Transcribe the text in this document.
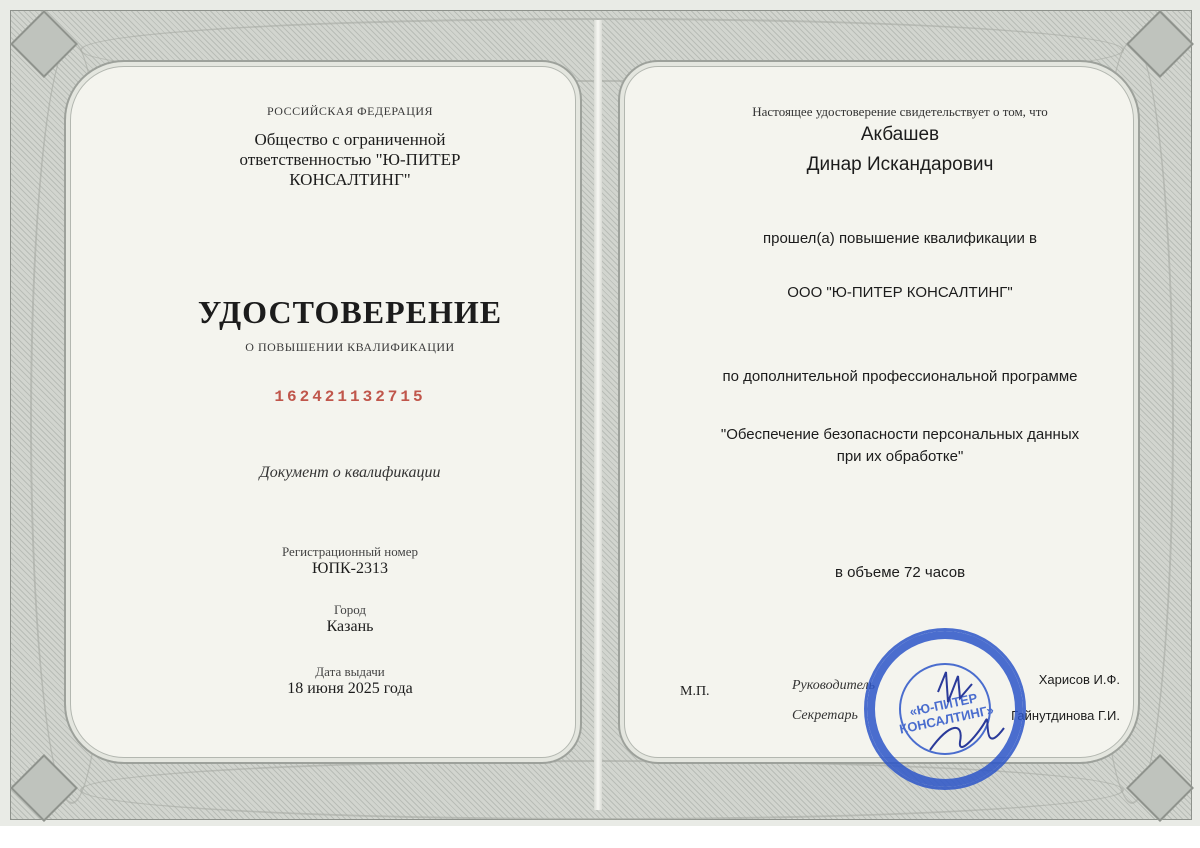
РОССИЙСКАЯ ФЕДЕРАЦИЯ
Общество с ограниченной
ответственностью "Ю-ПИТЕР
КОНСАЛТИНГ"
УДОСТОВЕРЕНИЕ
О ПОВЫШЕНИИ КВАЛИФИКАЦИИ
162421132715
Документ о квалификации
Регистрационный номер
ЮПК-2313
Город
Казань
Дата выдачи
18 июня 2025 года
Настоящее удостоверение свидетельствует о том, что
Акбашев
Динар Искандарович
прошел(а) повышение квалификации в
ООО "Ю-ПИТЕР КОНСАЛТИНГ"
по дополнительной профессиональной программе
"Обеспечение безопасности персональных данных
при их обработке"
в объеме 72 часов
М.П.	Руководитель	Харисов И.Ф.
Секретарь	Гайнутдинова Г.И.
«Ю-ПИТЕР КОНСАЛТИНГ»
